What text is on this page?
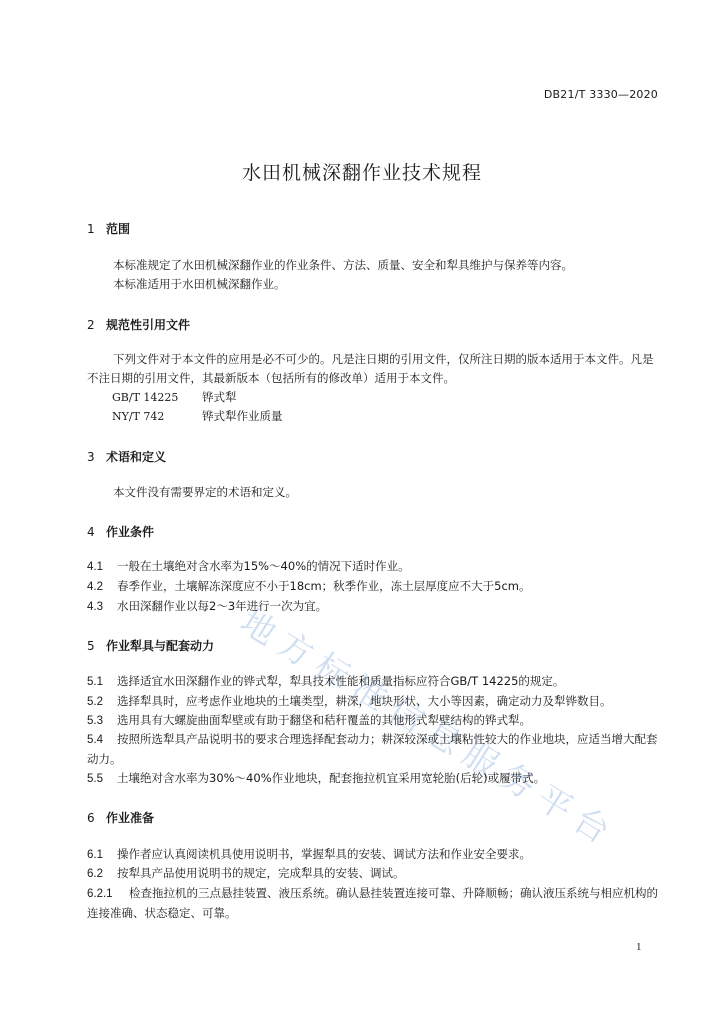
地
方
标
准
信
息
服
务
平
台
DB21/T 3330—2020
水田机械深翻作业技术规程
1 范围
本标准规定了水田机械深翻作业的作业条件、方法、质量、安全和犁具维护与保养等内容。
本标准适用于水田机械深翻作业。
2 规范性引用文件
下列文件对于本文件的应用是必不可少的。凡是注日期的引用文件，仅所注日期的版本适用于本文件。凡是不注日期的引用文件，其最新版本（包括所有的修改单）适用于本文件。
GB/T 14225 铧式犁
NY/T 742	铧式犁作业质量
3 术语和定义
本文件没有需要界定的术语和定义。
4 作业条件
4.1 一般在土壤绝对含水率为15%～40%的情况下适时作业。
4.2 春季作业，土壤解冻深度应不小于18cm；秋季作业，冻土层厚度应不大于5cm。
4.3 水田深翻作业以每2～3年进行一次为宜。
5 作业犁具与配套动力
5.1 选择适宜水田深翻作业的铧式犁，犁具技术性能和质量指标应符合GB/T 14225的规定。
5.2 选择犁具时，应考虑作业地块的土壤类型，耕深，地块形状、大小等因素，确定动力及犁铧数目。
5.3 选用具有大螺旋曲面犁壁或有助于翻垡和秸秆覆盖的其他形式犁壁结构的铧式犁。
5.4 按照所选犁具产品说明书的要求合理选择配套动力；耕深较深或土壤粘性较大的作业地块，应适当增大配套动力。
5.5 土壤绝对含水率为30%～40%作业地块，配套拖拉机宜采用宽轮胎(后轮)或履带式。
6 作业准备
6.1 操作者应认真阅读机具使用说明书，掌握犁具的安装、调试方法和作业安全要求。
6.2 按犁具产品使用说明书的规定，完成犁具的安装、调试。
6.2.1 检查拖拉机的三点悬挂装置、液压系统。确认悬挂装置连接可靠、升降顺畅；确认液压系统与相应机构的连接准确、状态稳定、可靠。
1
